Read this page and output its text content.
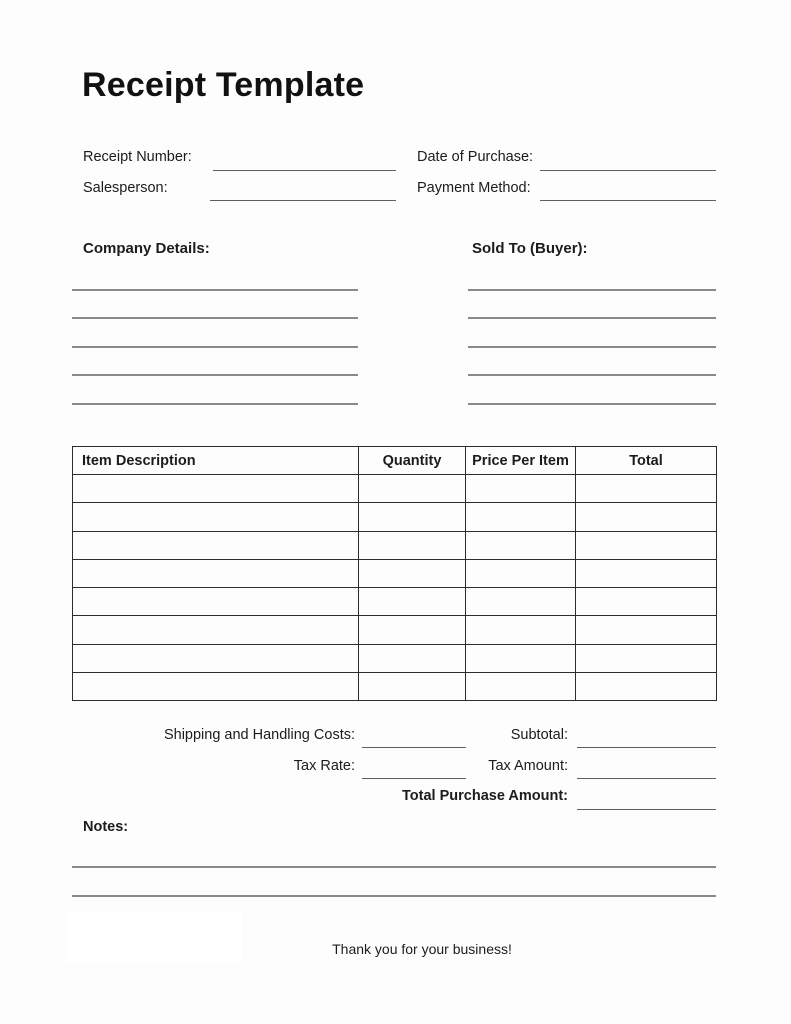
Receipt Template
Receipt Number:	Date of Purchase:
Salesperson:	Payment Method:
Company Details:	Sold To (Buyer):
Item Description	Quantity	Price Per Item	Total

Shipping and Handling Costs:	Subtotal:
Tax Rate:	Tax Amount:
Total Purchase Amount:
Notes:
Thank you for your business!
